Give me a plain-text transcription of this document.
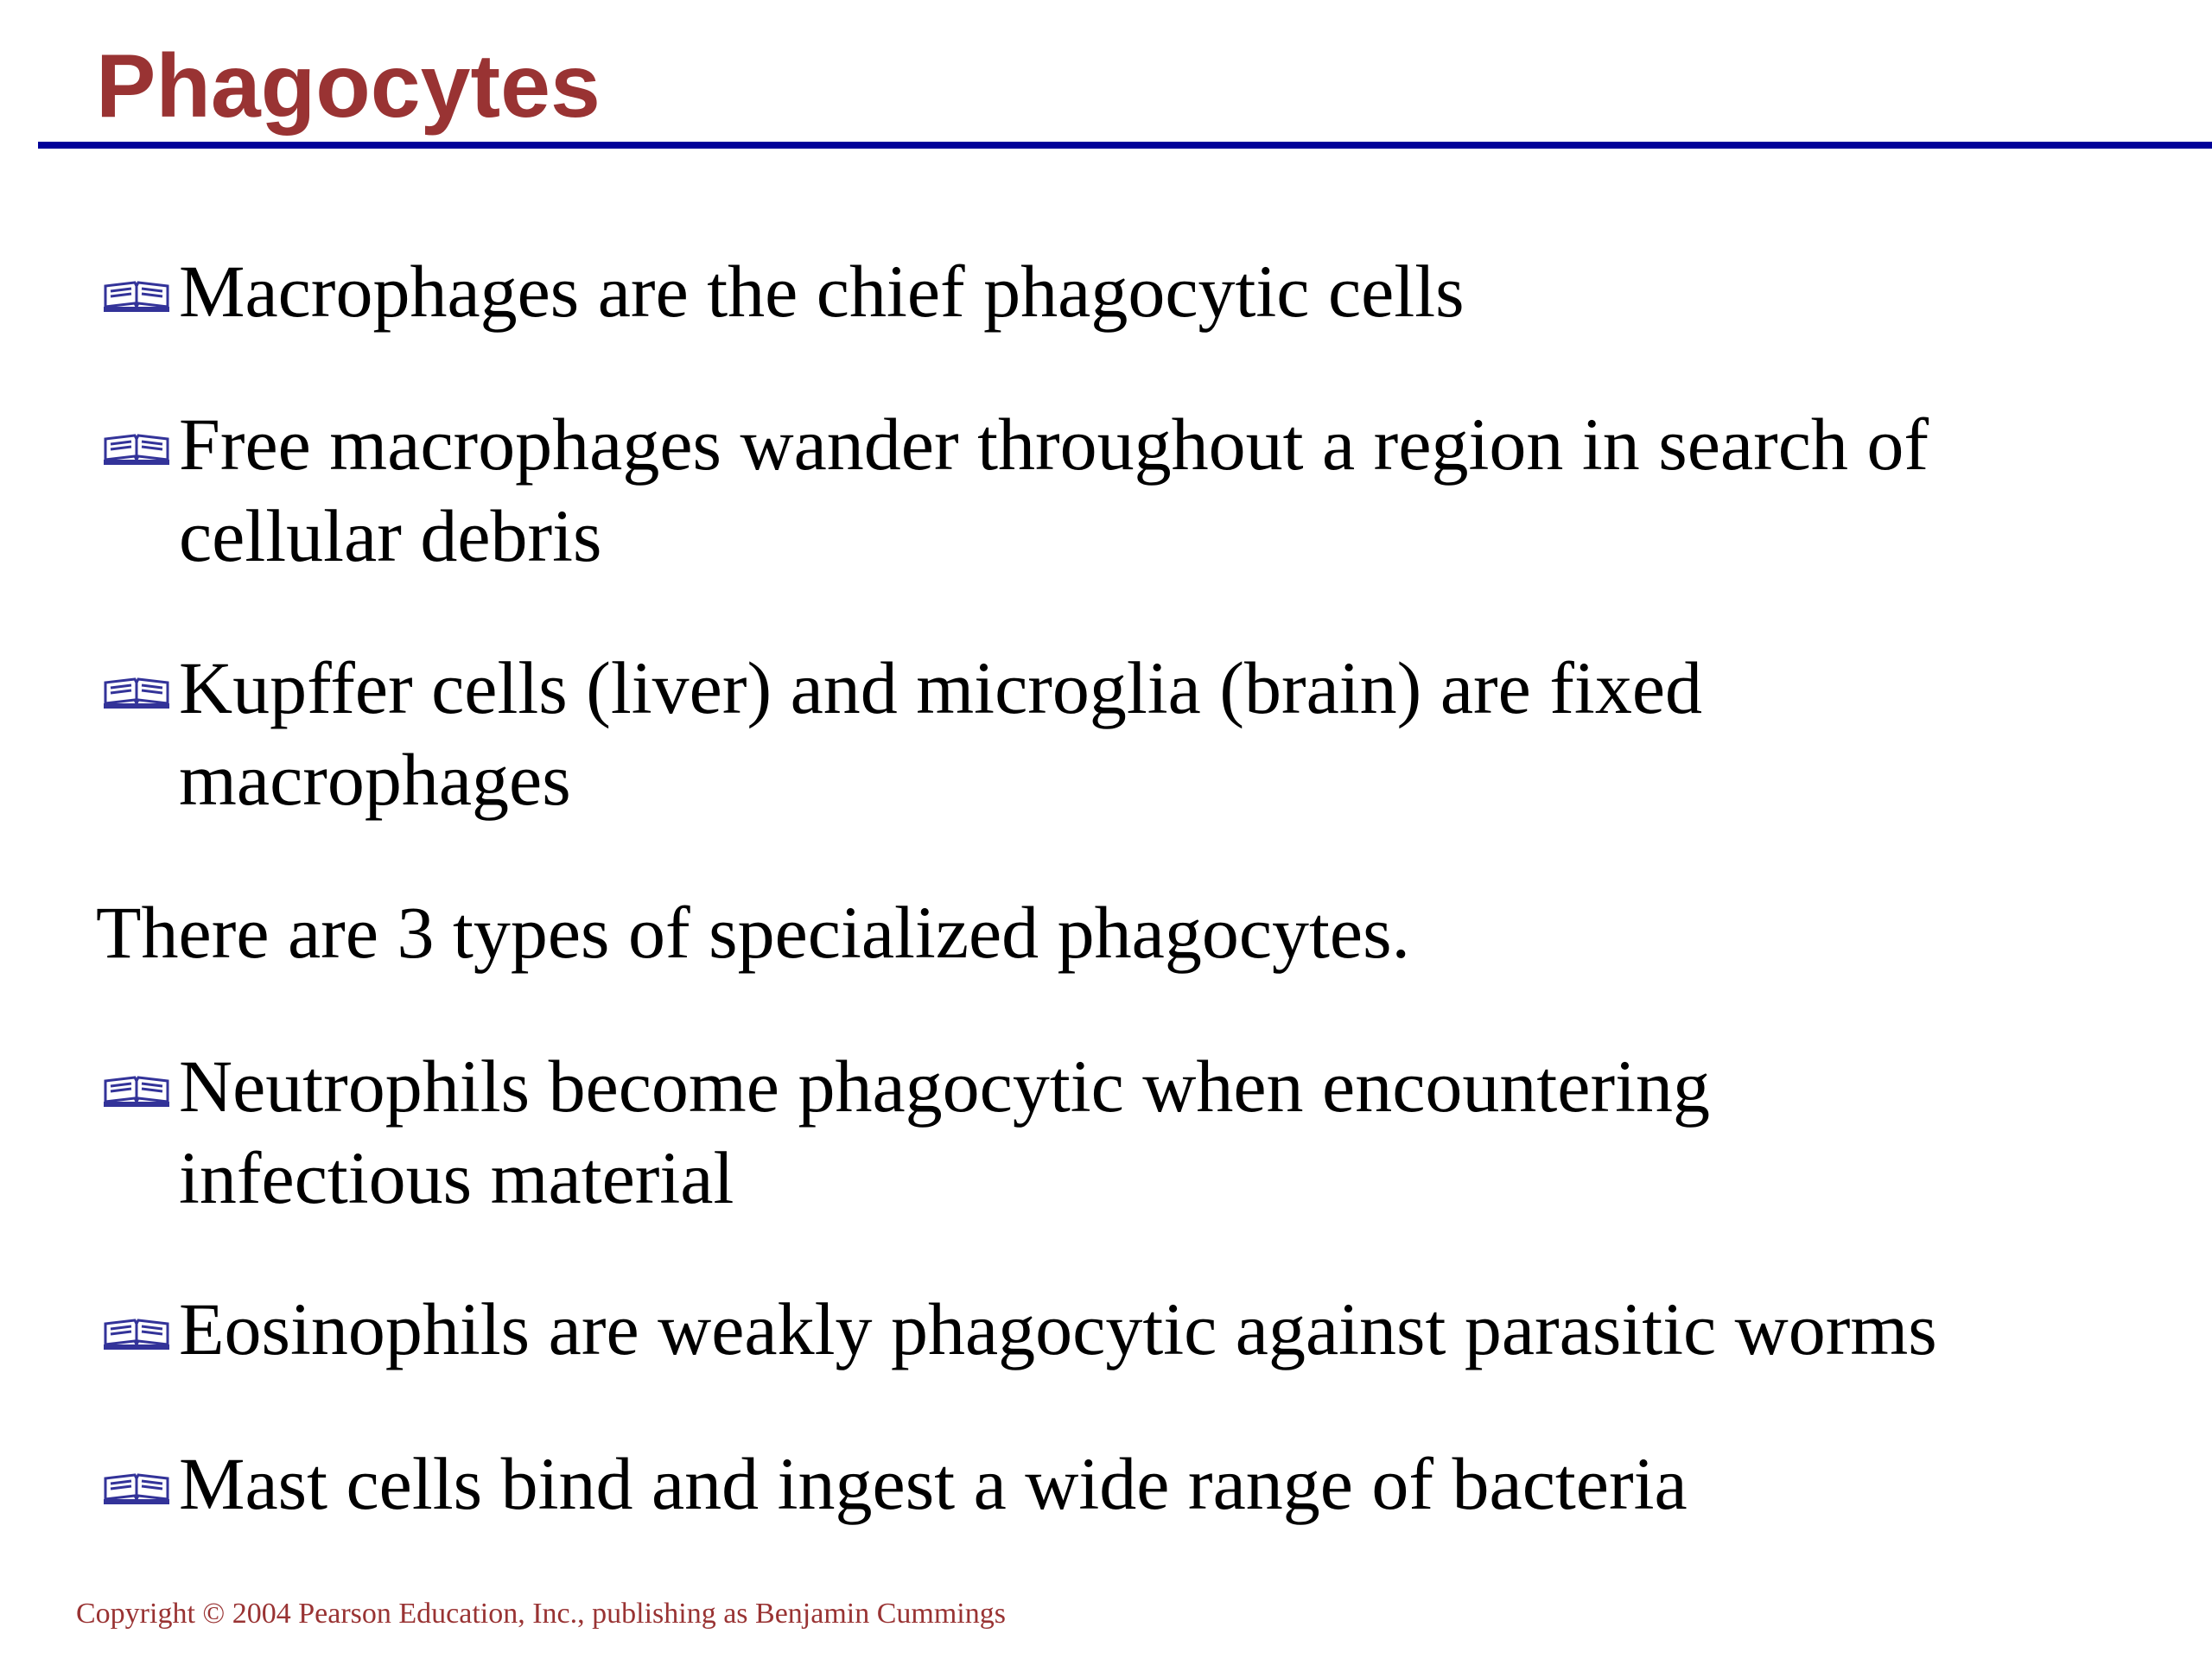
Phagocytes
Macrophages are the chief phagocytic cells
Free macrophages wander throughout a region in search of cellular debris
Kupffer cells (liver) and microglia (brain) are fixed macrophages
There are 3 types of specialized phagocytes.
Neutrophils become phagocytic when encountering infectious material
Eosinophils are weakly phagocytic against parasitic worms
Mast cells bind and ingest a wide range of bacteria
Copyright © 2004 Pearson Education, Inc., publishing as Benjamin Cummings
